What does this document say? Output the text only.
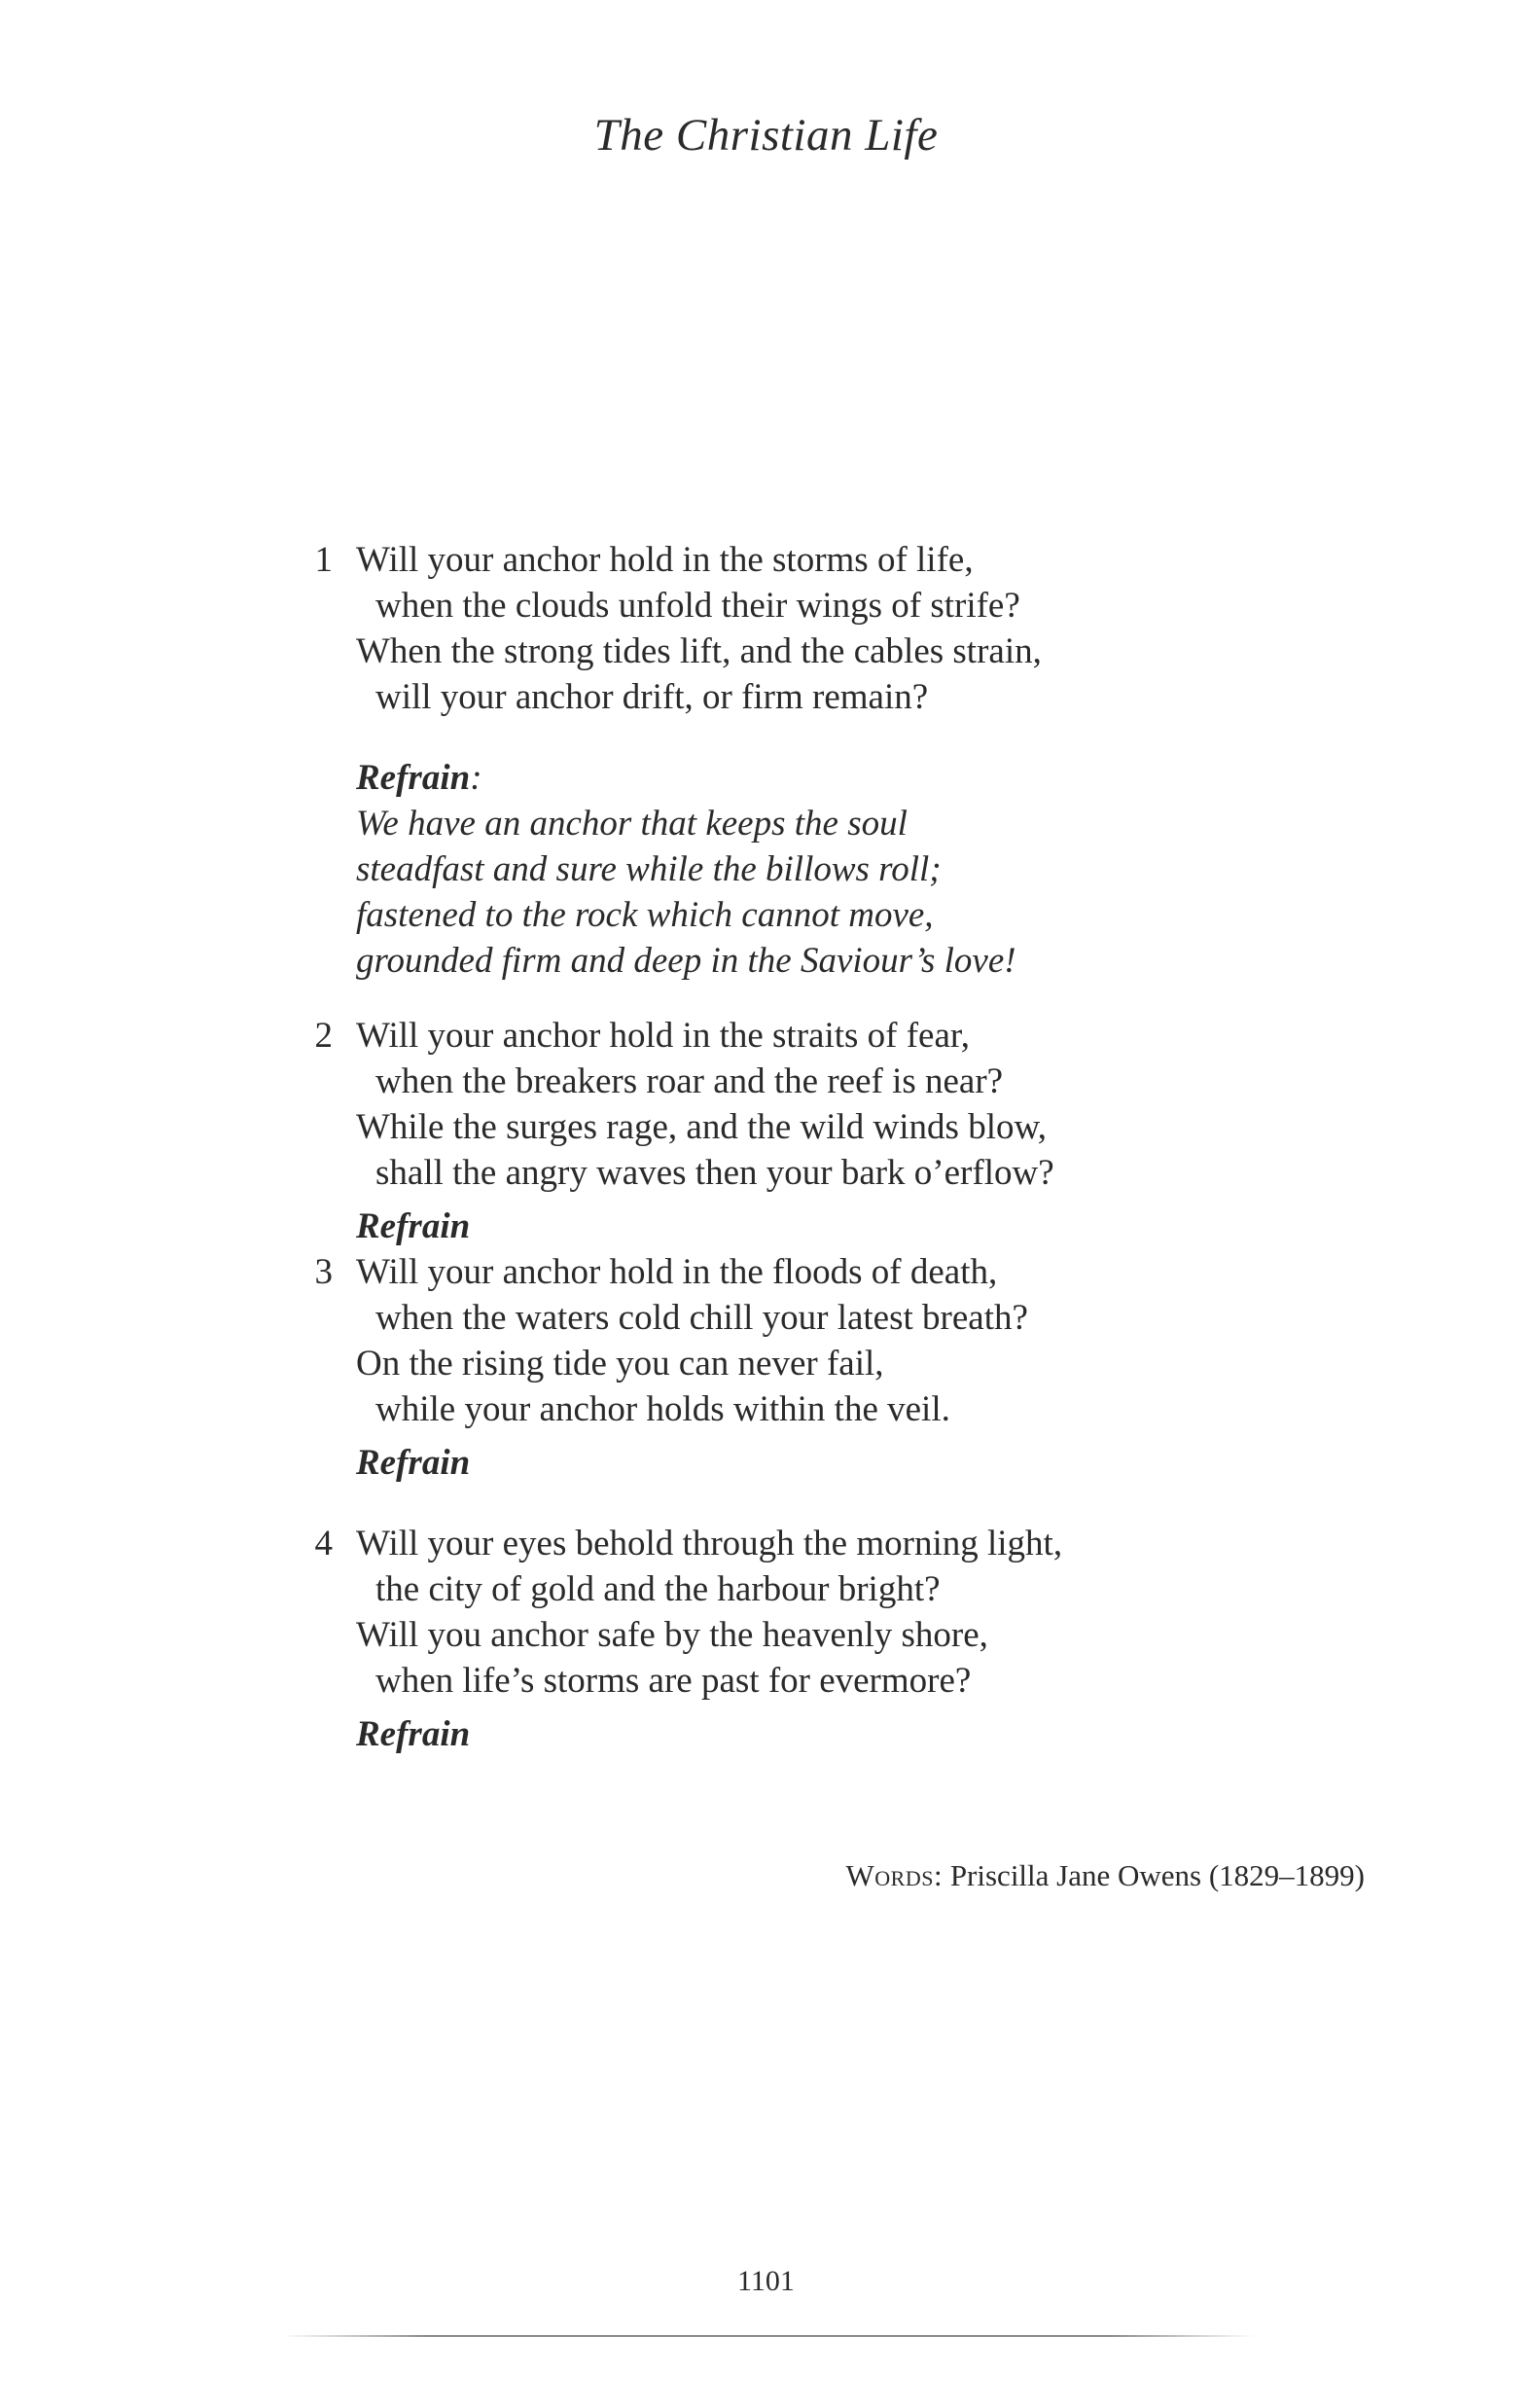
The Christian Life
1 Will your anchor hold in the storms of life,
when the clouds unfold their wings of strife?
When the strong tides lift, and the cables strain,
will your anchor drift, or firm remain?
Refrain:
We have an anchor that keeps the soul
steadfast and sure while the billows roll;
fastened to the rock which cannot move,
grounded firm and deep in the Saviour’s love!
2 Will your anchor hold in the straits of fear,
when the breakers roar and the reef is near?
While the surges rage, and the wild winds blow,
shall the angry waves then your bark o’erflow?
Refrain
3 Will your anchor hold in the floods of death,
when the waters cold chill your latest breath?
On the rising tide you can never fail,
while your anchor holds within the veil.
Refrain
4 Will your eyes behold through the morning light,
the city of gold and the harbour bright?
Will you anchor safe by the heavenly shore,
when life’s storms are past for evermore?
Refrain
Words: Priscilla Jane Owens (1829–1899)
1101
